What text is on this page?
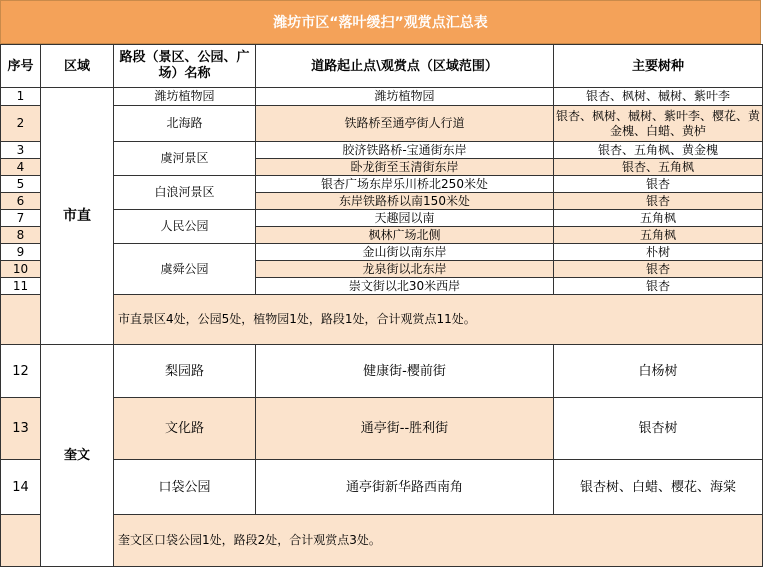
潍坊市区“落叶缓扫”观赏点汇总表
序号	区域	路段（景区、公园、广场）名称	道路起止点\观赏点（区域范围）	主要树种
1	市直	潍坊植物园	潍坊植物园	银杏、枫树、槭树、紫叶李
2		北海路	铁路桥至通亭街人行道	银杏、枫树、槭树、紫叶李、樱花、黄金槐、白蜡、黄栌
3		虞河景区	胶济铁路桥-宝通街东岸	银杏、五角枫、黄金槐
4			卧龙街至玉清街东岸	银杏、五角枫
5		白浪河景区	银杏广场东岸乐川桥北250米处	银杏
6			东岸铁路桥以南150米处	银杏
7		人民公园	天趣园以南	五角枫
8			枫林广场北侧	五角枫
9		虞舜公园	金山街以南东岸	朴树
10			龙泉街以北东岸	银杏
11			崇文街以北30米西岸	银杏
		市直景区4处，公园5处，植物园1处，路段1处，合计观赏点11处。		
12	奎文	梨园路	健康街-樱前街	白杨树
13		文化路	通亭街--胜利街	银杏树
14		口袋公园	通亭街新华路西南角	银杏树、白蜡、樱花、海棠
		奎文区口袋公园1处，路段2处，合计观赏点3处。		
